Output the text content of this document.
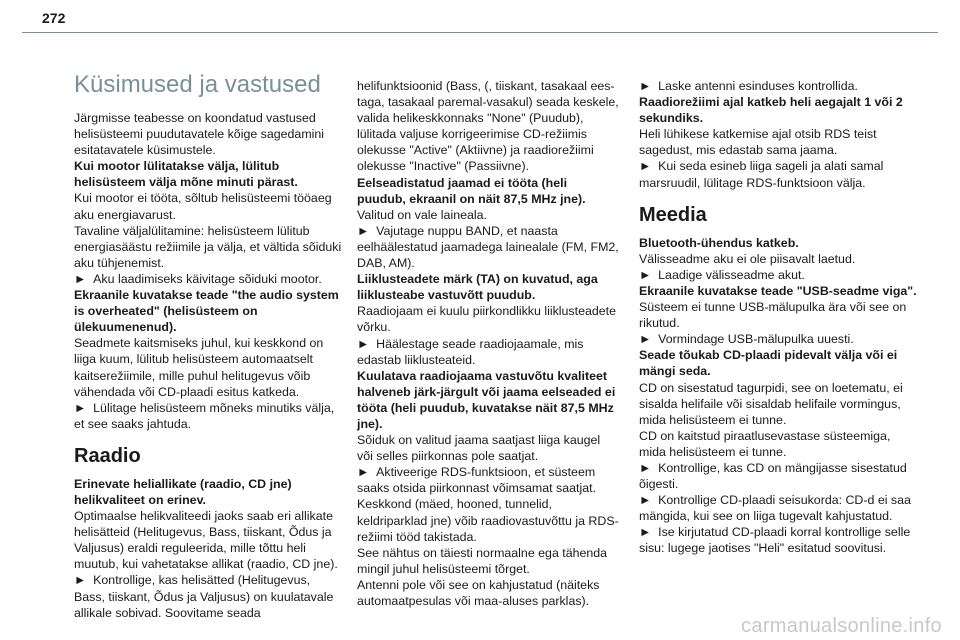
272
Küsimused ja vastused

Järgmisse teabesse on koondatud vastused helisüsteemi puudutavatele kõige sagedamini esitatavatele küsimustele.

Kui mootor lülitatakse välja, lülitub helisüsteem välja mõne minuti pärast.

Kui mootor ei tööta, sõltub helisüsteemi tööaeg aku energiavarust.

Tavaline väljalülitamine: helisüsteem lülitub energiasäästu režiimile ja välja, et vältida sõiduki aku tühjenemist.

►  Aku laadimiseks käivitage sõiduki mootor.

Ekraanile kuvatakse teade "the audio system is overheated" (helisüsteem on ülekuumenenud).

Seadmete kaitsmiseks juhul, kui keskkond on liiga kuum, lülitub helisüsteem automaatselt kaitserežiimile, mille puhul helitugevus võib vähendada või CD-plaadi esitus katkeda.

►  Lülitage helisüsteem mõneks minutiks välja, et see saaks jahtuda.

Raadio

Erinevate heliallikate (raadio, CD jne) helikvaliteet on erinev.

Optimaalse helikvaliteedi jaoks saab eri allikate helisätteid (Helitugevus, Bass, tiiskant, Õdus ja Valjusus) eraldi reguleerida, mille tõttu heli muutub, kui vahetatakse allikat (raadio, CD jne).

►  Kontrollige, kas helisätted (Helitugevus, Bass, tiiskant, Õdus ja Valjusus) on kuulatavale allikale sobivad. Soovitame seada

helifunktsioonid (Bass, (, tiiskant, tasakaal ees-taga, tasakaal paremal-vasakul) seada keskele, valida helikeskkonnaks "None" (Puudub), lülitada valjuse korrigeerimise CD-režiimis olekusse "Active" (Aktiivne) ja raadiorežiimi olekusse "Inactive" (Passiivne).

Eelseadistatud jaamad ei tööta (heli puudub, ekraanil on näit 87,5 MHz jne).

Valitud on vale laineala.

►  Vajutage nuppu BAND, et naasta eelhäälestatud jaamadega lainealale (FM, FM2, DAB, AM).

Liiklusteadete märk (TA) on kuvatud, aga liiklusteabe vastuvõtt puudub.

Raadiojaam ei kuulu piirkondlikku liiklusteadete võrku.

►  Häälestage seade raadiojaamale, mis edastab liiklusteateid.

Kuulatava raadiojaama vastuvõtu kvaliteet halveneb järk-järgult või jaama eelseaded ei tööta (heli puudub, kuvatakse näit 87,5 MHz jne).

Sõiduk on valitud jaama saatjast liiga kaugel või selles piirkonnas pole saatjat.

►  Aktiveerige RDS-funktsioon, et süsteem saaks otsida piirkonnast võimsamat saatjat.

Keskkond (mäed, hooned, tunnelid, keldriparklad jne) võib raadiovastuvõttu ja RDS-režiimi tööd takistada.

See nähtus on täiesti normaalne ega tähenda mingil juhul helisüsteemi tõrget.

Antenni pole või see on kahjustatud (näiteks automaatpesulas või maa-aluses parklas).

►  Laske antenni esinduses kontrollida.

Raadiorežiimi ajal katkeb heli aegajalt 1 või 2 sekundiks.

Heli lühikese katkemise ajal otsib RDS teist sagedust, mis edastab sama jaama.

►  Kui seda esineb liiga sageli ja alati samal marsruudil, lülitage RDS-funktsioon välja.

Meedia

Bluetooth-ühendus katkeb.

Välisseadme aku ei ole piisavalt laetud.

►  Laadige välisseadme akut.

Ekraanile kuvatakse teade "USB-seadme viga".

Süsteem ei tunne USB-mälupulka ära või see on rikutud.

►  Vormindage USB-mälupulka uuesti.

Seade tõukab CD-plaadi pidevalt välja või ei mängi seda.

CD on sisestatud tagurpidi, see on loetematu, ei sisalda helifaile või sisaldab helifaile vormingus, mida helisüsteem ei tunne.

CD on kaitstud piraatlusevastase süsteemiga, mida helisüsteem ei tunne.

►  Kontrollige, kas CD on mängijasse sisestatud õigesti.

►  Kontrollige CD-plaadi seisukorda: CD-d ei saa mängida, kui see on liiga tugevalt kahjustatud.

►  Ise kirjutatud CD-plaadi korral kontrollige selle sisu: lugege jaotises "Heli" esitatud soovitusi.

carmanualsonline.info
